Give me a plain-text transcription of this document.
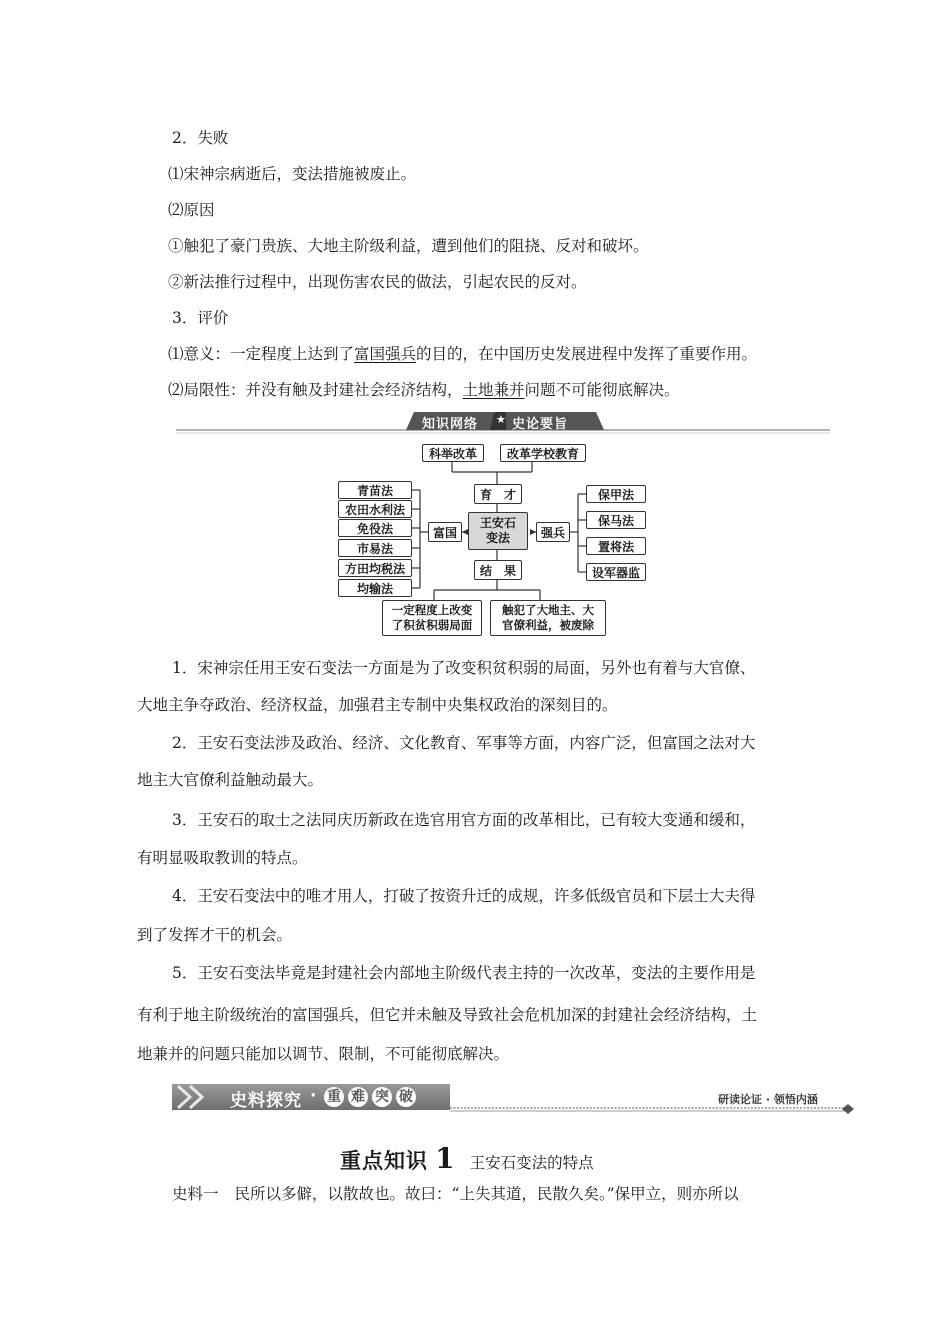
2．失败
⑴宋神宗病逝后，变法措施被废止。
⑵原因
①触犯了豪门贵族、大地主阶级利益，遭到他们的阻挠、反对和破坏。
②新法推行过程中，出现伤害农民的做法，引起农民的反对。
3．评价
⑴意义：一定程度上达到了富国强兵的目的，在中国历史发展进程中发挥了重要作用。
⑵局限性：并没有触及封建社会经济结构，土地兼并问题不可能彻底解决。
知识网络 ★ 史论要旨
科举改革	改革学校教育
育　才
王安石
变法
富国	强兵
结　果
青苗法
农田水利法
免役法
市易法
方田均税法
均输法
保甲法
保马法
置将法
设军器监
一定程度上改变
了积贫积弱局面
触犯了大地主、大
官僚利益，被废除
1．宋神宗任用王安石变法一方面是为了改变积贫积弱的局面，另外也有着与大官僚、
大地主争夺政治、经济权益，加强君主专制中央集权政治的深刻目的。
2．王安石变法涉及政治、经济、文化教育、军事等方面，内容广泛，但富国之法对大
地主大官僚利益触动最大。
3．王安石的取士之法同庆历新政在选官用官方面的改革相比，已有较大变通和缓和，
有明显吸取教训的特点。
4．王安石变法中的唯才用人，打破了按资升迁的成规，许多低级官员和下层士大夫得
到了发挥才干的机会。
5．王安石变法毕竟是封建社会内部地主阶级代表主持的一次改革，变法的主要作用是
有利于地主阶级统治的富国强兵，但它并未触及导致社会危机加深的封建社会经济结构，土
地兼并的问题只能加以调节、限制，不可能彻底解决。
史料探究 · 重 难 突 破	研读论证 · 领悟内涵
重点知识 1 王安石变法的特点
史料一 民所以多僻，以散故也。故曰：“上失其道，民散久矣。”保甲立，则亦所以
